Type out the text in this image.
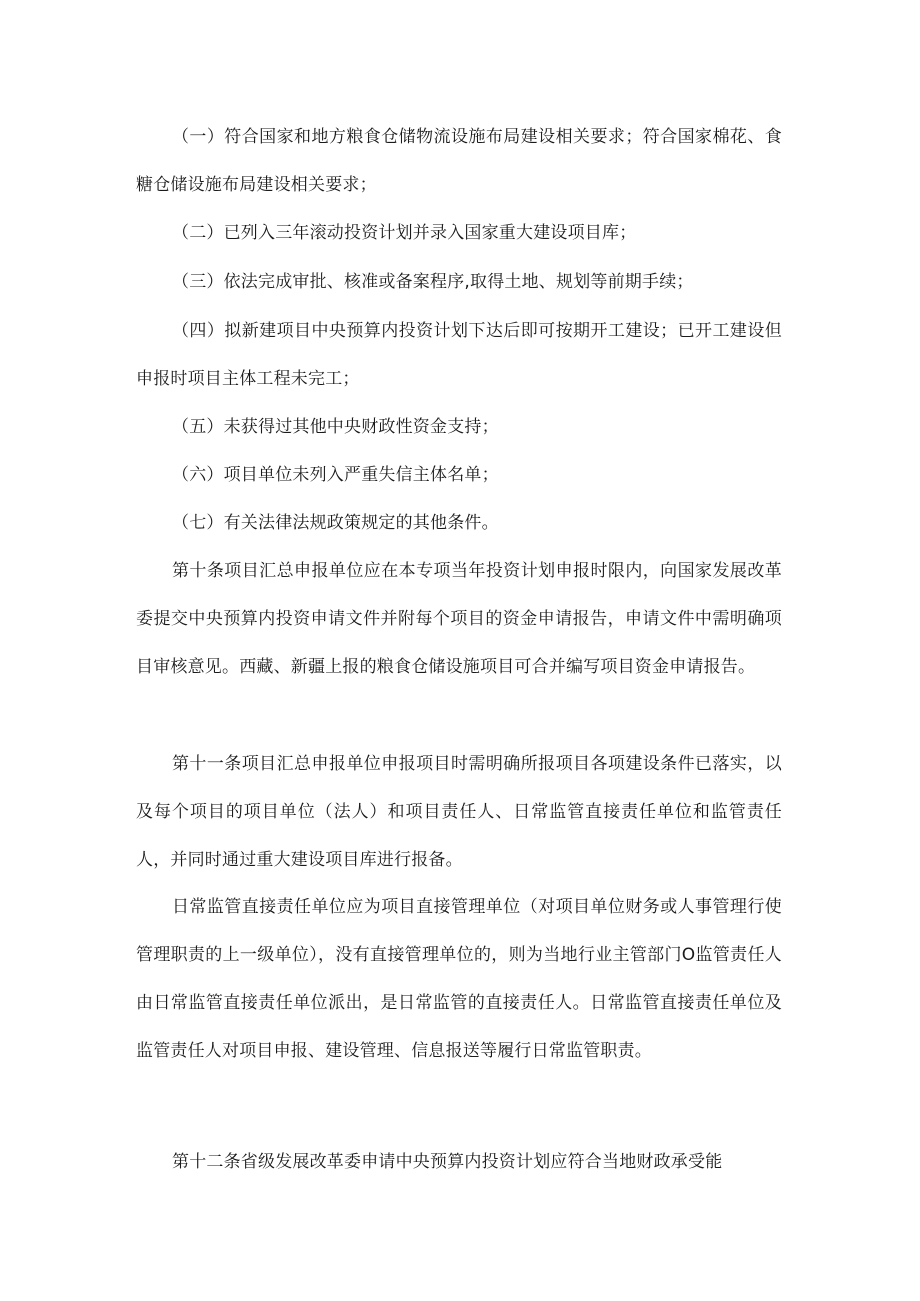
（一）符合国家和地方粮食仓储物流设施布局建设相关要求；符合国家棉花、食糖仓储设施布局建设相关要求；

（二）已列入三年滚动投资计划并录入国家重大建设项目库；

（三）依法完成审批、核准或备案程序,取得土地、规划等前期手续；

（四）拟新建项目中央预算内投资计划下达后即可按期开工建设；已开工建设但申报时项目主体工程未完工；

（五）未获得过其他中央财政性资金支持；

（六）项目单位未列入严重失信主体名单；

（七）有关法律法规政策规定的其他条件。

第十条项目汇总申报单位应在本专项当年投资计划申报时限内，向国家发展改革委提交中央预算内投资申请文件并附每个项目的资金申请报告，申请文件中需明确项目审核意见。西藏、新疆上报的粮食仓储设施项目可合并编写项目资金申请报告。

第十一条项目汇总申报单位申报项目时需明确所报项目各项建设条件已落实，以及每个项目的项目单位（法人）和项目责任人、日常监管直接责任单位和监管责任人，并同时通过重大建设项目库进行报备。

日常监管直接责任单位应为项目直接管理单位（对项目单位财务或人事管理行使管理职责的上一级单位），没有直接管理单位的，则为当地行业主管部门O监管责任人由日常监管直接责任单位派出，是日常监管的直接责任人。日常监管直接责任单位及监管责任人对项目申报、建设管理、信息报送等履行日常监管职责。

第十二条省级发展改革委申请中央预算内投资计划应符合当地财政承受能
